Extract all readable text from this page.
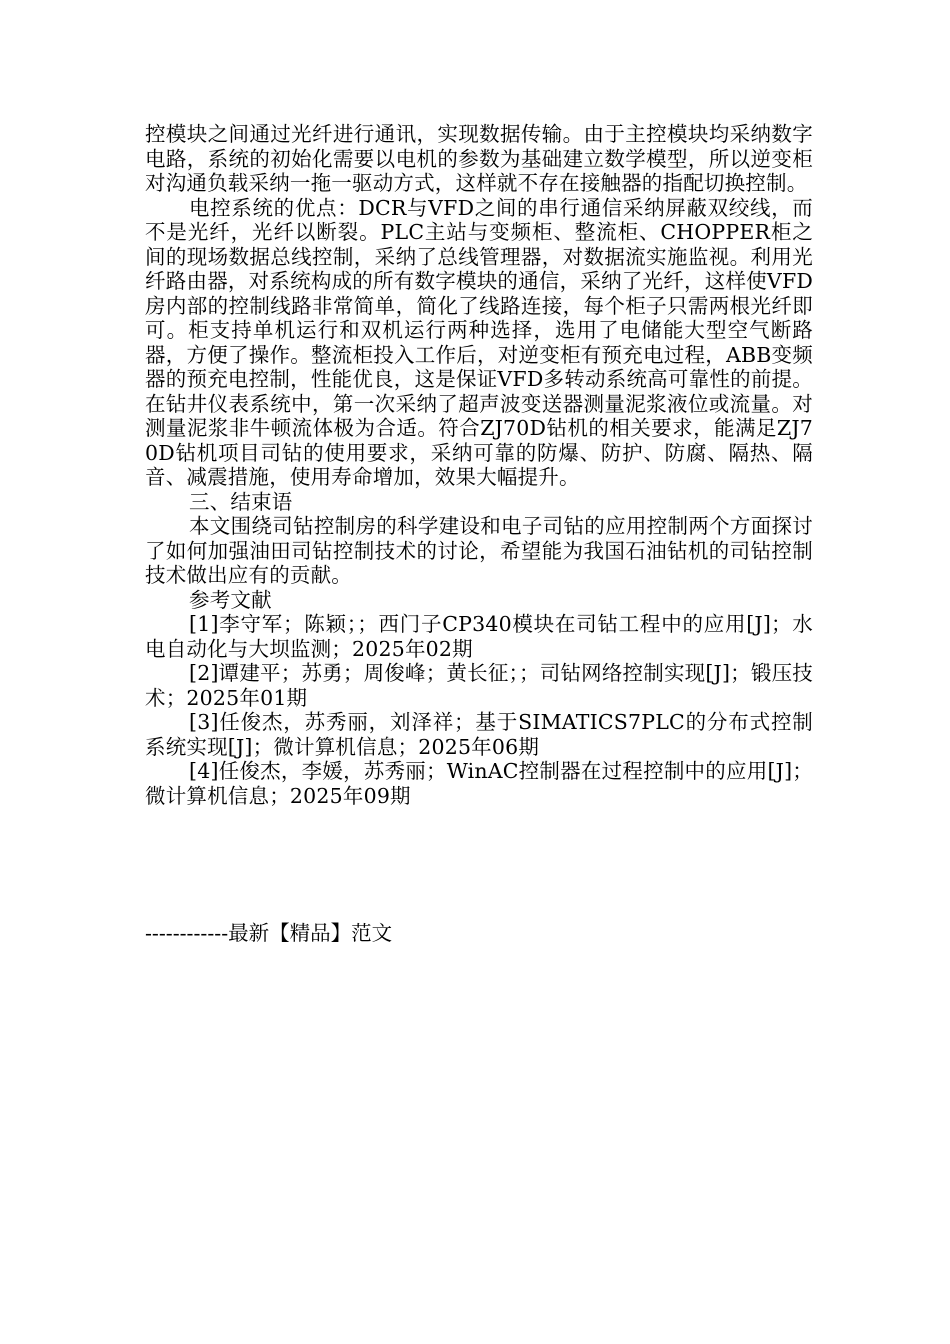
控模块之间通过光纤进行通讯，实现数据传输。由于主控模块均采纳数字电路，系统的初始化需要以电机的参数为基础建立数学模型，所以逆变柜对沟通负载采纳一拖一驱动方式，这样就不存在接触器的指配切换控制。

电控系统的优点：DCR与VFD之间的串行通信采纳屏蔽双绞线，而不是光纤，光纤以断裂。PLC主站与变频柜、整流柜、CHOPPER柜之间的现场数据总线控制，采纳了总线管理器，对数据流实施监视。利用光纤路由器，对系统构成的所有数字模块的通信，采纳了光纤，这样使VFD房内部的控制线路非常简单，简化了线路连接，每个柜子只需两根光纤即可。柜支持单机运行和双机运行两种选择，选用了电储能大型空气断路器，方便了操作。整流柜投入工作后，对逆变柜有预充电过程，ABB变频器的预充电控制，性能优良，这是保证VFD多转动系统高可靠性的前提。在钻井仪表系统中，第一次采纳了超声波变送器测量泥浆液位或流量。对测量泥浆非牛顿流体极为合适。符合ZJ70D钻机的相关要求，能满足ZJ70D钻机项目司钻的使用要求，采纳可靠的防爆、防护、防腐、隔热、隔音、减震措施，使用寿命增加，效果大幅提升。

三、结束语

本文围绕司钻控制房的科学建设和电子司钻的应用控制两个方面探讨了如何加强油田司钻控制技术的讨论，希望能为我国石油钻机的司钻控制技术做出应有的贡献。

参考文献

[1]李守军；陈颖；；西门子CP340模块在司钻工程中的应用[J]；水电自动化与大坝监测；2025年02期

[2]谭建平；苏勇；周俊峰；黄长征；；司钻网络控制实现[J]；锻压技术；2025年01期

[3]任俊杰，苏秀丽，刘泽祥；基于SIMATICS7PLC的分布式控制系统实现[J]；微计算机信息；2025年06期

[4]任俊杰，李媛，苏秀丽；WinAC控制器在过程控制中的应用[J]；微计算机信息；2025年09期

------------最新【精品】范文
